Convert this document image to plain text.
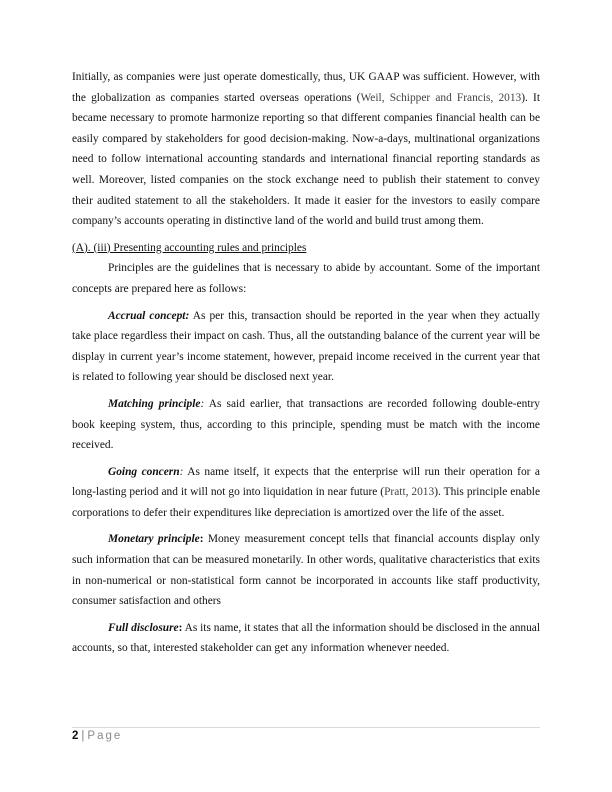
Initially, as companies were just operate domestically, thus, UK GAAP was sufficient. However, with the globalization as companies started overseas operations (Weil, Schipper and Francis, 2013). It became necessary to promote harmonize reporting so that different companies financial health can be easily compared by stakeholders for good decision-making. Now-a-days, multinational organizations need to follow international accounting standards and international financial reporting standards as well. Moreover, listed companies on the stock exchange need to publish their statement to convey their audited statement to all the stakeholders. It made it easier for the investors to easily compare company’s accounts operating in distinctive land of the world and build trust among them.

(A). (iii) Presenting accounting rules and principles

Principles are the guidelines that is necessary to abide by accountant. Some of the important concepts are prepared here as follows:

Accrual concept: As per this, transaction should be reported in the year when they actually take place regardless their impact on cash. Thus, all the outstanding balance of the current year will be display in current year’s income statement, however, prepaid income received in the current year that is related to following year should be disclosed next year.

Matching principle: As said earlier, that transactions are recorded following double-entry book keeping system, thus, according to this principle, spending must be match with the income received.

Going concern: As name itself, it expects that the enterprise will run their operation for a long-lasting period and it will not go into liquidation in near future (Pratt, 2013). This principle enable corporations to defer their expenditures like depreciation is amortized over the life of the asset.

Monetary principle: Money measurement concept tells that financial accounts display only such information that can be measured monetarily. In other words, qualitative characteristics that exits in non-numerical or non-statistical form cannot be incorporated in accounts like staff productivity, consumer satisfaction and others

Full disclosure: As its name, it states that all the information should be disclosed in the annual accounts, so that, interested stakeholder can get any information whenever needed.

2 | Page
